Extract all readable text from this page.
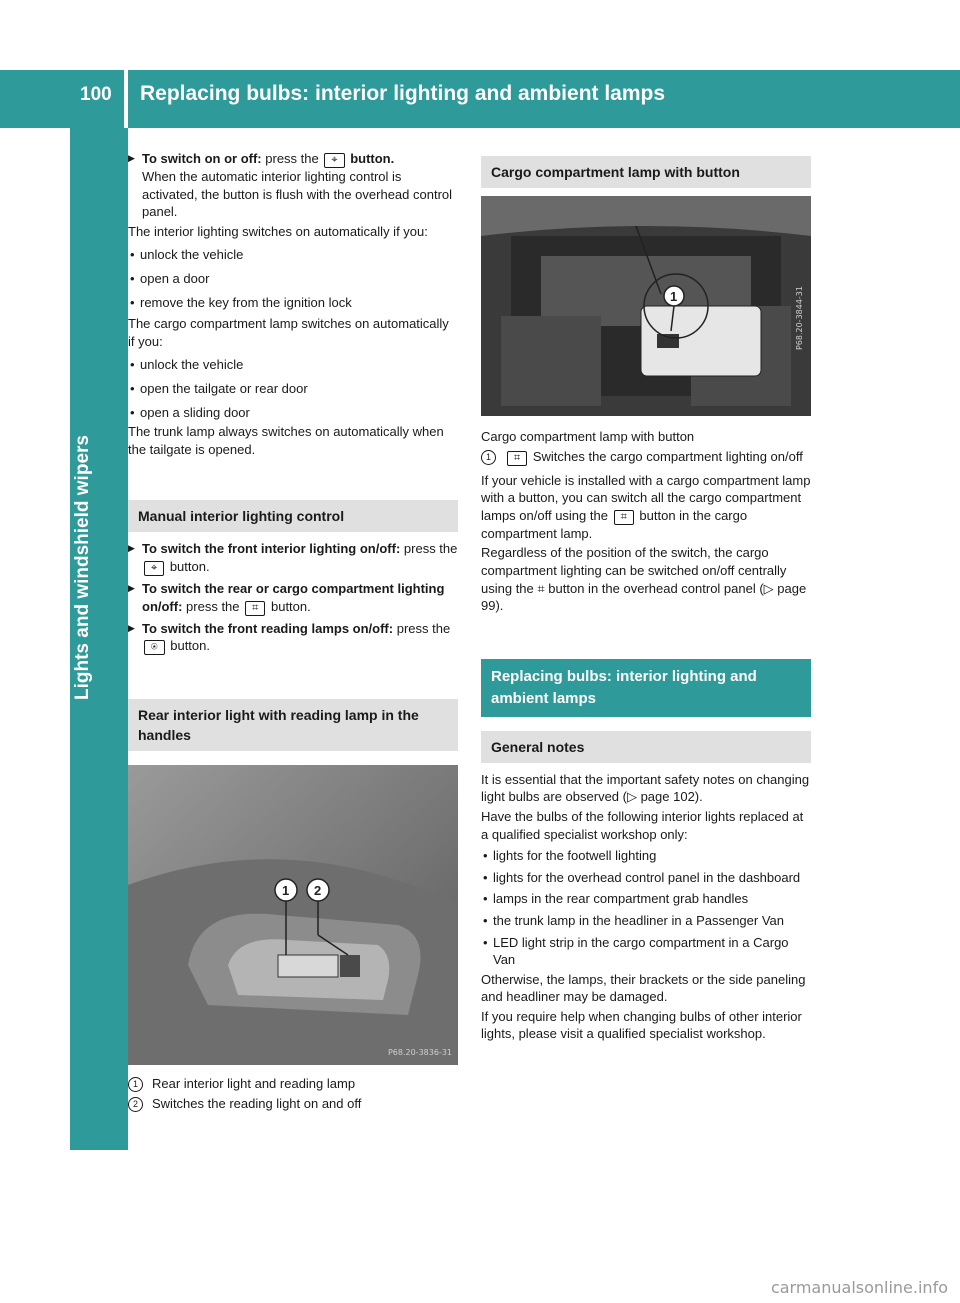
100 Replacing bulbs: interior lighting and ambient lamps
Lights and windshield wipers

▶ To switch on or off: press the ⌖ button.

When the automatic interior lighting control is activated, the button is flush with the overhead control panel.

The interior lighting switches on automatically if you:

• unlock the vehicle

• open a door

• remove the key from the ignition lock

The cargo compartment lamp switches on automatically if you:

• unlock the vehicle

• open the tailgate or rear door

• open a sliding door

The trunk lamp always switches on automatically when the tailgate is opened.

Manual interior lighting control

▶ To switch the front interior lighting on/off: press the ⌖ button.

▶ To switch the rear or cargo compartment lighting on/off: press the ⌗ button.

▶ To switch the front reading lamps on/off: press the ⍟ button.

Rear interior light with reading lamp in the handles
1 2
P68.20-3836-31

1	Rear interior light and reading lamp

2	Switches the reading light on and off

Cargo compartment lamp with button
1	P68.20-3844-31

Cargo compartment lamp with button

1	⌗ Switches the cargo compartment lighting on/off

If your vehicle is installed with a cargo compartment lamp with a button, you can switch all the cargo compartment lamps on/off using the ⌗ button in the cargo compartment lamp.

Regardless of the position of the switch, the cargo compartment lighting can be switched on/off centrally using the ⌗ button in the overhead control panel (▷ page 99).

Replacing bulbs: interior lighting and ambient lamps
General notes

It is essential that the important safety notes on changing light bulbs are observed (▷ page 102).

Have the bulbs of the following interior lights replaced at a qualified specialist workshop only:

• lights for the footwell lighting

• lights for the overhead control panel in the dashboard

• lamps in the rear compartment grab handles

• the trunk lamp in the headliner in a Passenger Van

• LED light strip in the cargo compartment in a Cargo Van

Otherwise, the lamps, their brackets or the side paneling and headliner may be damaged.

If you require help when changing bulbs of other interior lights, please visit a qualified specialist workshop.

carmanualsonline.info
